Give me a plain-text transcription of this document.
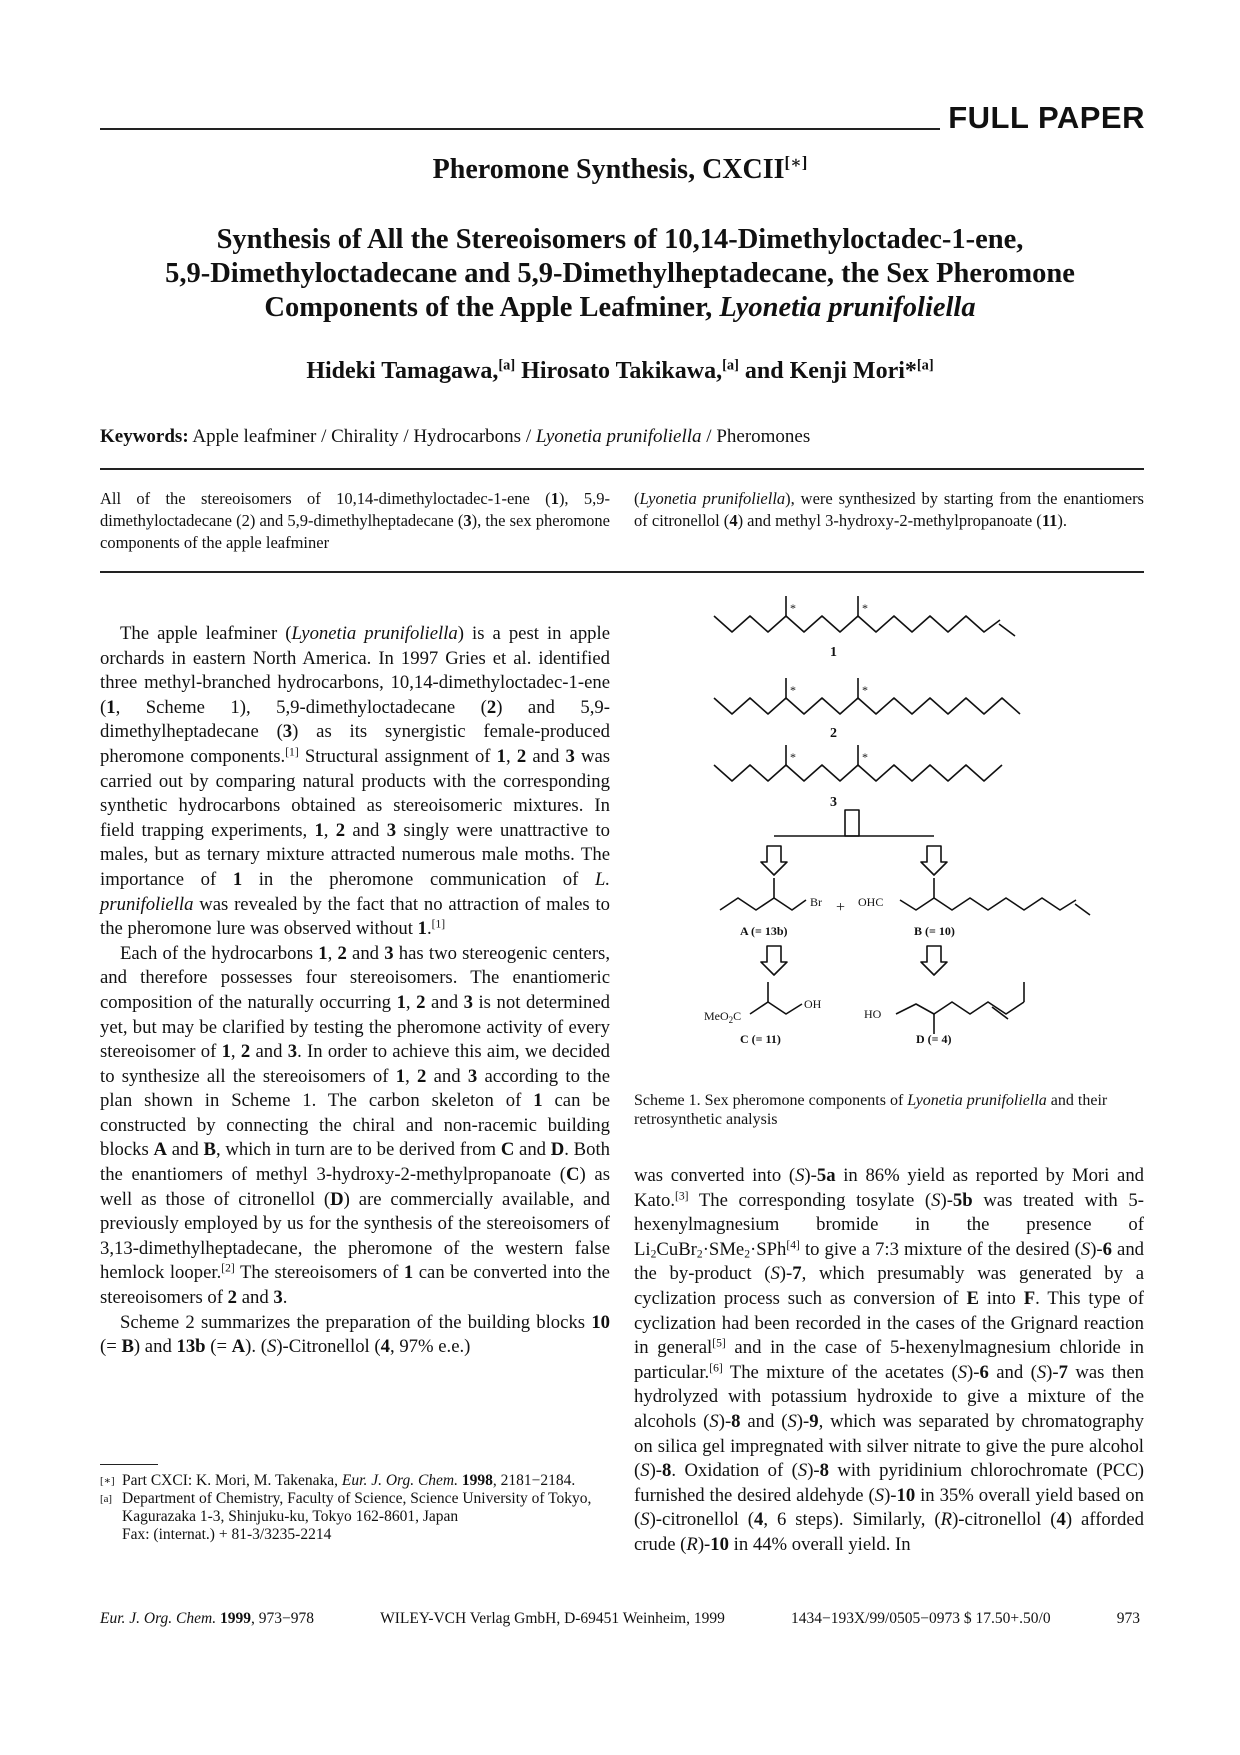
FULL PAPER
Pheromone Synthesis, CXCII[∗]
Synthesis of All the Stereoisomers of 10,14-Dimethyloctadec-1-ene,
5,9-Dimethyloctadecane and 5,9-Dimethylheptadecane, the Sex Pheromone
Components of the Apple Leafminer, Lyonetia prunifoliella
Hideki Tamagawa,[a] Hirosato Takikawa,[a] and Kenji Mori*[a]
Keywords: Apple leafminer / Chirality / Hydrocarbons / Lyonetia prunifoliella / Pheromones
All of the stereoisomers of 10,14-dimethyloctadec-1-ene (1), 5,9-dimethyloctadecane (2) and 5,9-dimethylheptadecane (3), the sex pheromone components of the apple leafminer
(Lyonetia prunifoliella), were synthesized by starting from the enantiomers of citronellol (4) and methyl 3-hydroxy-2-methylpropanoate (11).

The apple leafminer (Lyonetia prunifoliella) is a pest in apple orchards in eastern North America. In 1997 Gries et al. identified three methyl-branched hydrocarbons, 10,14-dimethyloctadec-1-ene (1, Scheme 1), 5,9-dimethyloctadecane (2) and 5,9-dimethylheptadecane (3) as its synergistic female-produced pheromone components.[1] Structural assignment of 1, 2 and 3 was carried out by comparing natural products with the corresponding synthetic hydrocarbons obtained as stereoisomeric mixtures. In field trapping experiments, 1, 2 and 3 singly were unattractive to males, but as ternary mixture attracted numerous male moths. The importance of 1 in the pheromone communication of L. prunifoliella was revealed by the fact that no attraction of males to the pheromone lure was observed without 1.[1]

Each of the hydrocarbons 1, 2 and 3 has two stereogenic centers, and therefore possesses four stereoisomers. The enantiomeric composition of the naturally occurring 1, 2 and 3 is not determined yet, but may be clarified by testing the pheromone activity of every stereoisomer of 1, 2 and 3. In order to achieve this aim, we decided to synthesize all the stereoisomers of 1, 2 and 3 according to the plan shown in Scheme 1. The carbon skeleton of 1 can be constructed by connecting the chiral and non-racemic building blocks A and B, which in turn are to be derived from C and D. Both the enantiomers of methyl 3-hydroxy-2-methylpropanoate (C) as well as those of citronellol (D) are commercially available, and previously employed by us for the synthesis of the stereoisomers of 3,13-dimethylheptadecane, the pheromone of the western false hemlock looper.[2] The stereoisomers of 1 can be converted into the stereoisomers of 2 and 3.

Scheme 2 summarizes the preparation of the building blocks 10 (= B) and 13b (= A). (S)-Citronellol (4, 97% e.e.)

[∗] Part CXCI: K. Mori, M. Takenaka, Eur. J. Org. Chem. 1998, 2181−2184.
[a] Department of Chemistry, Faculty of Science, Science University of Tokyo,
Kagurazaka 1-3, Shinjuku-ku, Tokyo 162-8601, Japan
Fax: (internat.) + 81-3/3235-2214
*	*
1
*	*
2
*	*
3
Br + OHC
A (= 13b)	B (= 10)
MeO$_2$C
OH
HO
C (= 11)	D (= 4)
Scheme 1. Sex pheromone components of Lyonetia prunifoliella and their retrosynthetic analysis

was converted into (S)-5a in 86% yield as reported by Mori and Kato.[3] The corresponding tosylate (S)-5b was treated with 5-hexenylmagnesium bromide in the presence of $Li_2CuBr_2\cdot SMe_2\cdot SPh[4]$ to give a 7:3 mixture of the desired (S)-6 and the by-product (S)-7, which presumably was generated by a cyclization process such as conversion of E into F. This type of cyclization had been recorded in the cases of the Grignard reaction in general[5] and in the case of 5-hexenylmagnesium chloride in particular.[6] The mixture of the acetates (S)-6 and (S)-7 was then hydrolyzed with potassium hydroxide to give a mixture of the alcohols (S)-8 and (S)-9, which was separated by chromatography on silica gel impregnated with silver nitrate to give the pure alcohol (S)-8. Oxidation of (S)-8 with pyridinium chlorochromate (PCC) furnished the desired aldehyde (S)-10 in 35% overall yield based on (S)-citronellol (4, 6 steps). Similarly, (R)-citronellol (4) afforded crude (R)-10 in 44% overall yield. In

Eur. J. Org. Chem. 1999, 973−978	WILEY-VCH Verlag GmbH, D-69451 Weinheim, 1999	1434−193X/99/0505−0973 $ 17.50+.50/0	973
